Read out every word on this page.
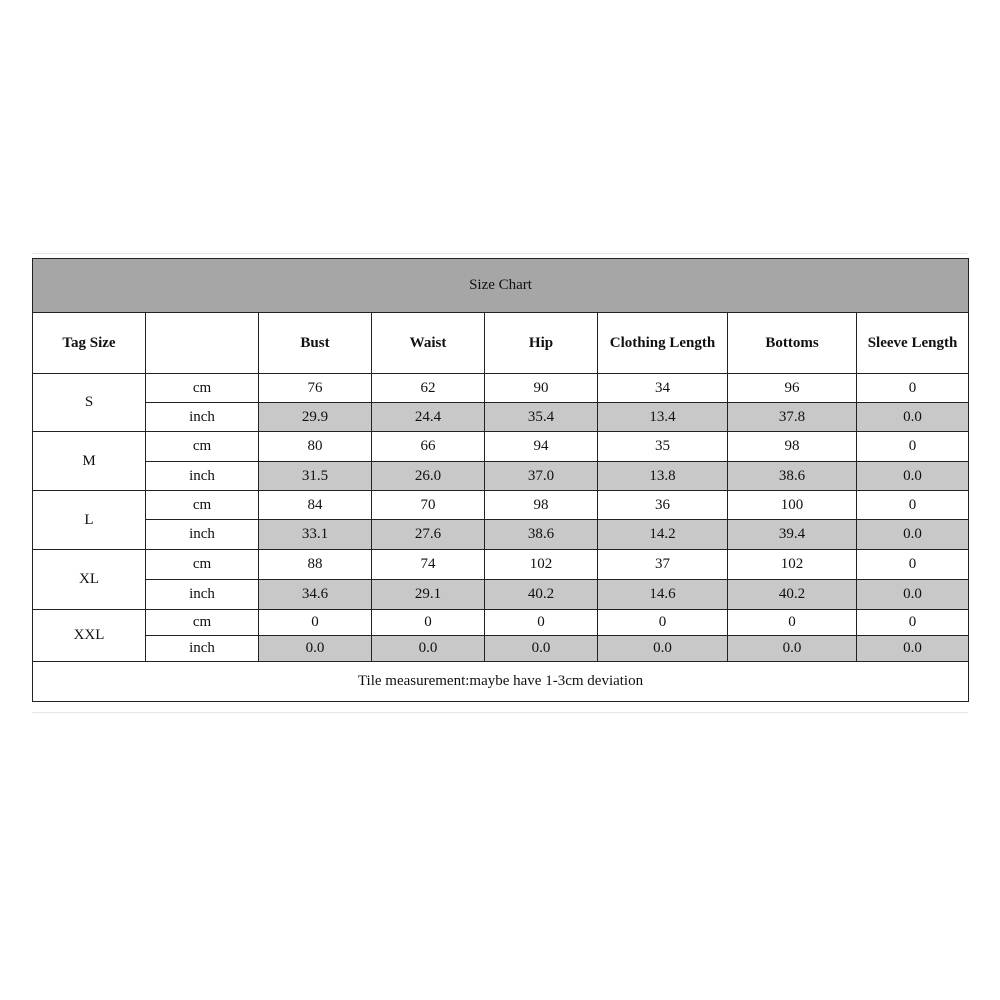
Size Chart							
Tag Size		Bust	Waist	Hip	Clothing Length	Bottoms	Sleeve Length
S	cm	76	62	90	34	96	0
	inch	29.9	24.4	35.4	13.4	37.8	0.0
M	cm	80	66	94	35	98	0
	inch	31.5	26.0	37.0	13.8	38.6	0.0
L	cm	84	70	98	36	100	0
	inch	33.1	27.6	38.6	14.2	39.4	0.0
XL	cm	88	74	102	37	102	0
	inch	34.6	29.1	40.2	14.6	40.2	0.0
XXL	cm	0	0	0	0	0	0
	inch	0.0	0.0	0.0	0.0	0.0	0.0
Tile measurement:maybe have 1-3cm deviation							
